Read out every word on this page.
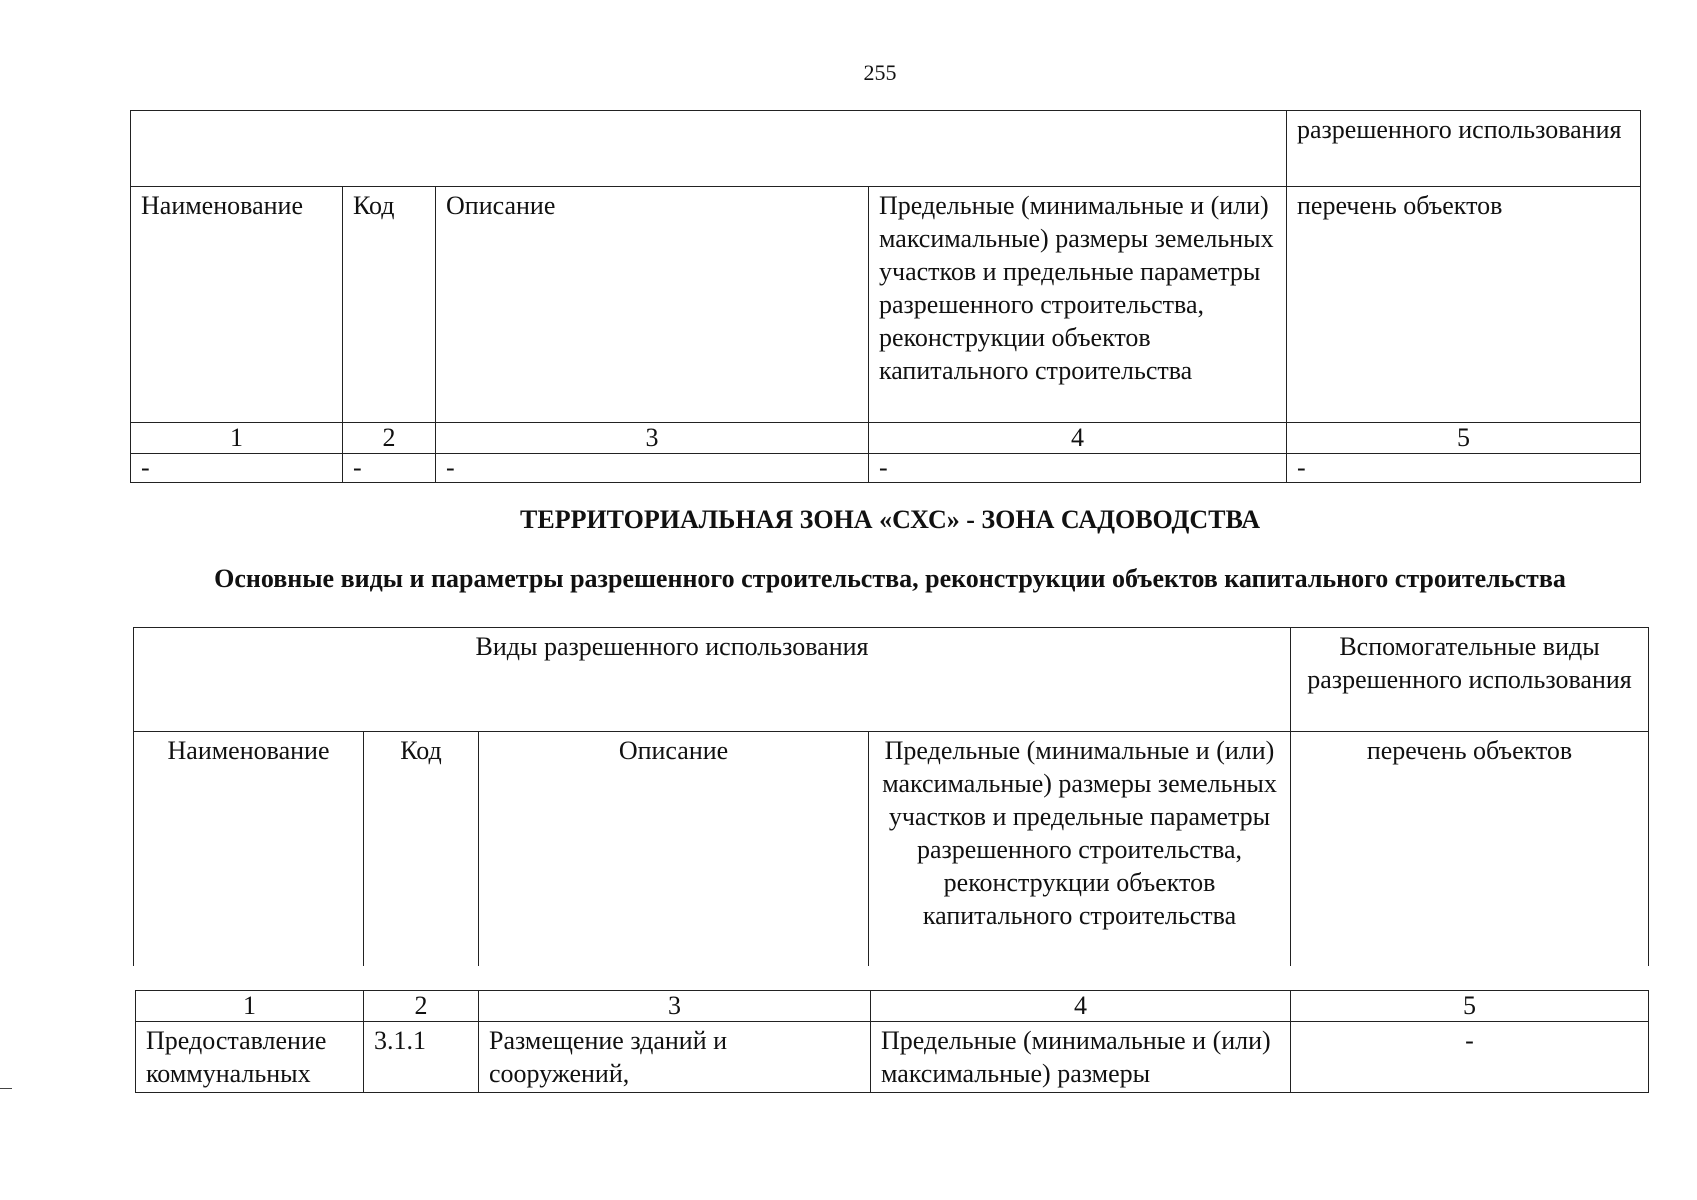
255
				разрешенного использования
Наименование	Код	Описание	Предельные (минимальные и (или) максимальные) размеры земельных участков и предельные параметры разрешенного строительства, реконструкции объектов капитального строительства	перечень объектов
1	2	3	4	5
-	-	-	-	-
ТЕРРИТОРИАЛЬНАЯ ЗОНА «СХС» - ЗОНА САДОВОДСТВА
Основные виды и параметры разрешенного строительства, реконструкции объектов капитального строительства
Виды разрешенного использования				Вспомогательные виды разрешенного использования
Наименование	Код	Описание	Предельные (минимальные и (или) максимальные) размеры земельных участков и предельные параметры разрешенного строительства, реконструкции объектов капитального строительства	перечень объектов
1	2	3	4	5
Предоставление коммунальных	3.1.1	Размещение зданий и сооружений,	Предельные (минимальные и (или) максимальные) размеры	-
